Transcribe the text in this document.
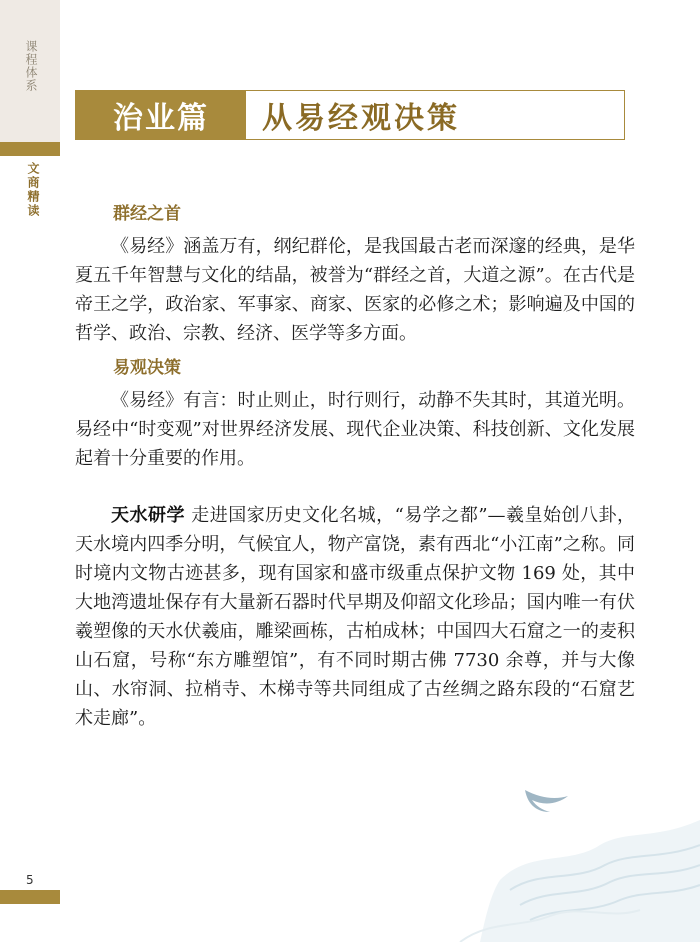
课程体系
文商精读
5
治业篇	从易经观决策
群经之首

《易经》涵盖万有，纲纪群伦，是我国最古老而深邃的经典，是华夏五千年智慧与文化的结晶，被誉为“群经之首，大道之源”。在古代是帝王之学，政治家、军事家、商家、医家的必修之术；影响遍及中国的哲学、政治、宗教、经济、医学等多方面。

易观决策

《易经》有言：时止则止，时行则行，动静不失其时，其道光明。易经中“时变观”对世界经济发展、现代企业决策、科技创新、文化发展起着十分重要的作用。

天水研学 走进国家历史文化名城，“易学之都”—羲皇始创八卦，天水境内四季分明，气候宜人，物产富饶，素有西北“小江南”之称。同时境内文物古迹甚多，现有国家和盛市级重点保护文物 169 处，其中大地湾遗址保存有大量新石器时代早期及仰韶文化珍品；国内唯一有伏羲塑像的天水伏羲庙，雕梁画栋，古柏成林；中国四大石窟之一的麦积山石窟，号称“东方雕塑馆”，有不同时期古佛 7730 余尊，并与大像山、水帘洞、拉梢寺、木梯寺等共同组成了古丝绸之路东段的“石窟艺术走廊”。
